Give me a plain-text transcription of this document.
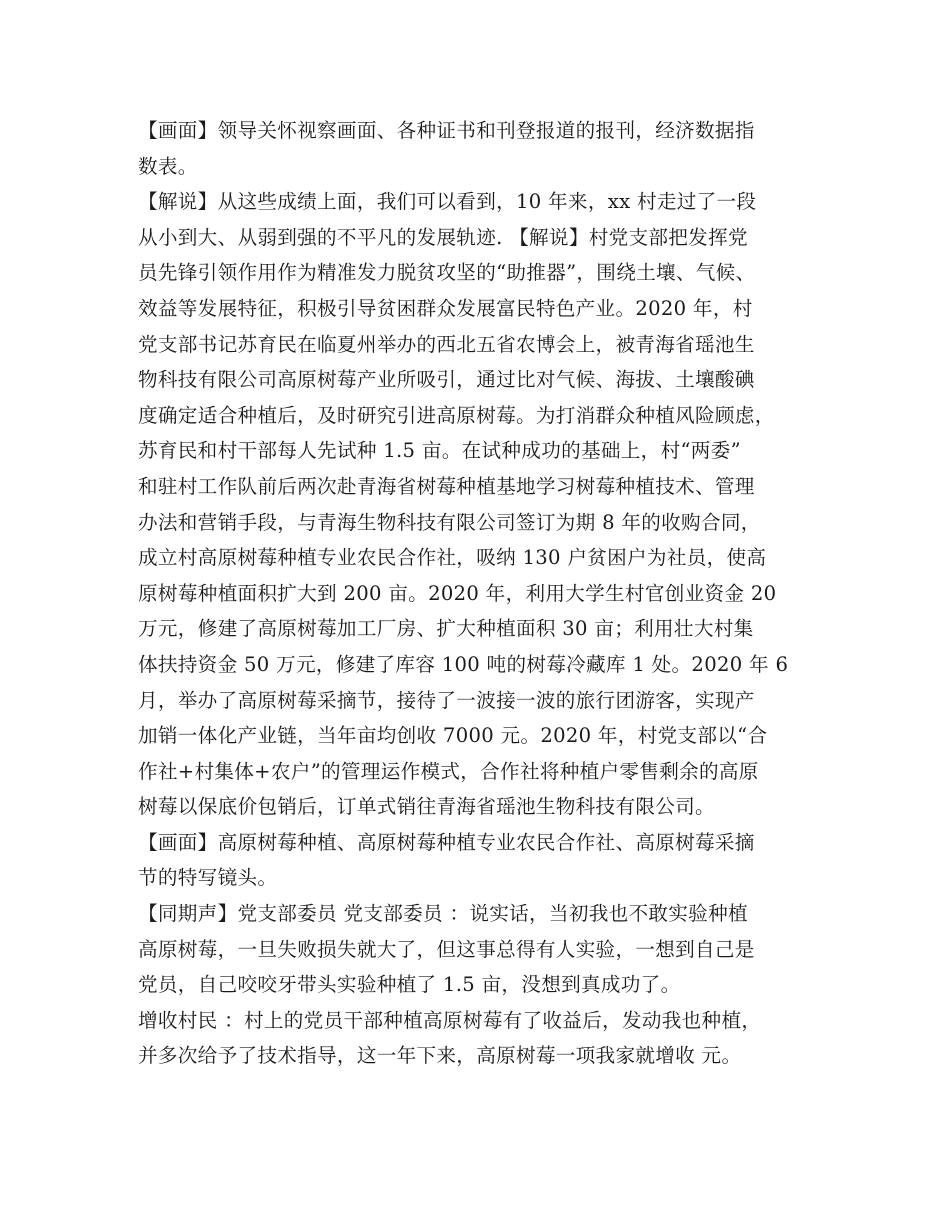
【画面】领导关怀视察画面、各种证书和刊登报道的报刊，经济数据指
数表。
【解说】从这些成绩上面，我们可以看到，10 年来，xx 村走过了一段
从小到大、从弱到强的不平凡的发展轨迹. 【解说】村党支部把发挥党
员先锋引领作用作为精准发力脱贫攻坚的“助推器”，围绕土壤、气候、
效益等发展特征，积极引导贫困群众发展富民特色产业。2020 年，村
党支部书记苏育民在临夏州举办的西北五省农博会上，被青海省瑶池生
物科技有限公司高原树莓产业所吸引，通过比对气候、海拔、土壤酸碘
度确定适合种植后，及时研究引进高原树莓。为打消群众种植风险顾虑，
苏育民和村干部每人先试种 1.5 亩。在试种成功的基础上，村“两委”
和驻村工作队前后两次赴青海省树莓种植基地学习树莓种植技术、管理
办法和营销手段，与青海生物科技有限公司签订为期 8 年的收购合同，
成立村高原树莓种植专业农民合作社，吸纳 130 户贫困户为社员，使高
原树莓种植面积扩大到 200 亩。2020 年，利用大学生村官创业资金 20
万元，修建了高原树莓加工厂房、扩大种植面积 30 亩；利用壮大村集
体扶持资金 50 万元，修建了库容 100 吨的树莓冷藏库 1 处。2020 年 6
月，举办了高原树莓采摘节，接待了一波接一波的旅行团游客，实现产
加销一体化产业链，当年亩均创收 7000 元。2020 年，村党支部以“合
作社+村集体+农户”的管理运作模式，合作社将种植户零售剩余的高原
树莓以保底价包销后，订单式销往青海省瑶池生物科技有限公司。
【画面】高原树莓种植、高原树莓种植专业农民合作社、高原树莓采摘
节的特写镜头。
【同期声】党支部委员 党支部委员 ：说实话，当初我也不敢实验种植
高原树莓，一旦失败损失就大了，但这事总得有人实验，一想到自己是
党员，自己咬咬牙带头实验种植了 1.5 亩，没想到真成功了。
增收村民 ：村上的党员干部种植高原树莓有了收益后，发动我也种植，
并多次给予了技术指导，这一年下来，高原树莓一项我家就增收 元。
